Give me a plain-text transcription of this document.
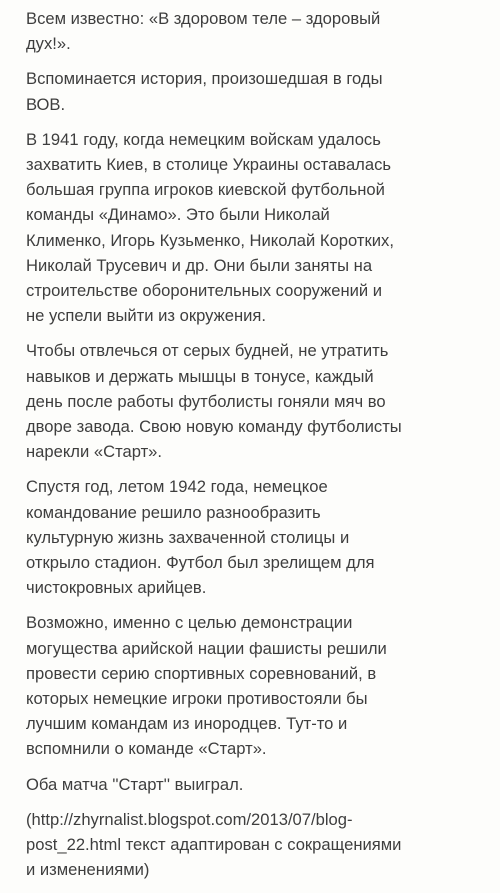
Всем известно: «В здоровом теле – здоровый
дух!».

Вспоминается история, произошедшая в годы
ВОВ.

В 1941 году, когда немецким войскам удалось
захватить Киев, в столице Украины оставалась
большая группа игроков киевской футбольной
команды «Динамо». Это были Николай
Клименко, Игорь Кузьменко, Николай Коротких,
Николай Трусевич и др. Они были заняты на
строительстве оборонительных сооружений и
не успели выйти из окружения.

Чтобы отвлечься от серых будней, не утратить
навыков и держать мышцы в тонусе, каждый
день после работы футболисты гоняли мяч во
дворе завода. Свою новую команду футболисты
нарекли «Старт».

Спустя год, летом 1942 года, немецкое
командование решило разнообразить
культурную жизнь захваченной столицы и
открыло стадион. Футбол был зрелищем для
чистокровных арийцев.

Возможно, именно с целью демонстрации
могущества арийской нации фашисты решили
провести серию спортивных соревнований, в
которых немецкие игроки противостояли бы
лучшим командам из инородцев. Тут-то и
вспомнили о команде «Старт».

Оба матча ''Старт'' выиграл.

(http://zhyrnalist.blogspot.com/2013/07/blog-
post_22.html текст адаптирован с сокращениями
и изменениями)
